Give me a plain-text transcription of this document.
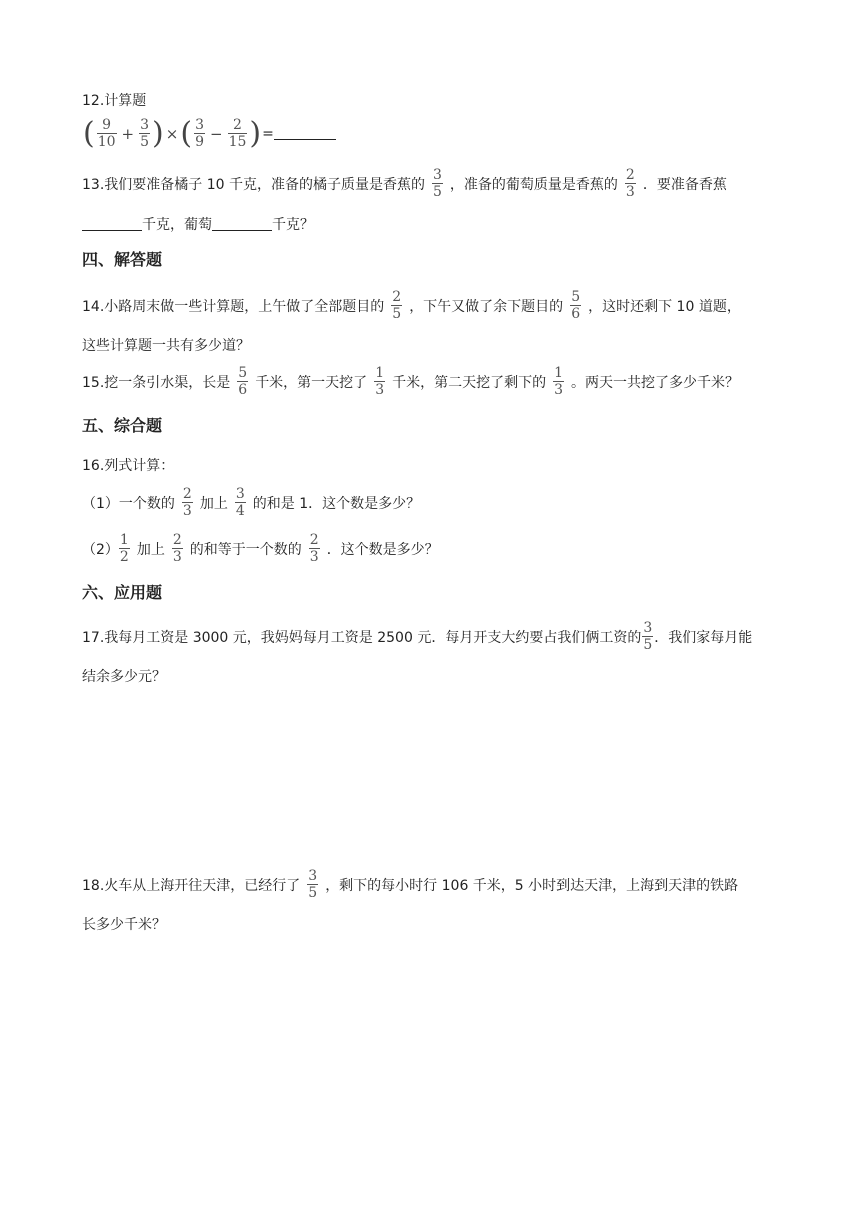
12.计算题
( $\frac{9}{10} + \frac{3}{5}$ ) × ( $\frac{3}{9} - \frac{2}{15}$ ) =
13.我们要准备橘子 10 千克，准备的橘子质量是香蕉的 $\frac{3}{5}$ ，准备的葡萄质量是香蕉的 $\frac{2}{3}$ ．要准备香蕉
千克，葡萄	千克？
四、解答题
14.小路周末做一些计算题，上午做了全部题目的 $\frac{2}{5}$ ，下午又做了余下题目的 $\frac{5}{6}$ ，这时还剩下 10 道题，
这些计算题一共有多少道？
15.挖一条引水渠，长是 $\frac{5}{6}$ 千米，第一天挖了 $\frac{1}{3}$ 千米，第二天挖了剩下的 $\frac{1}{3}$ 。两天一共挖了多少千米？
五、综合题
16.列式计算：
（1）一个数的 $\frac{2}{3}$ 加上 $\frac{3}{4}$ 的和是 1．这个数是多少？
$(2) \frac{1}{2}$ 加上 $\frac{2}{3}$ 的和等于一个数的 $\frac{2}{3}$ ．这个数是多少？
六、应用题
17.我每月工资是 3000 元，我妈妈每月工资是 2500 元．每月开支大约要占我们俩工资的 $\frac{3}{5}$ ．我们家每月能
结余多少元？
18.火车从上海开往天津，已经行了 $\frac{3}{5}$ ，剩下的每小时行 106 千米，5 小时到达天津，上海到天津的铁路
长多少千米？
